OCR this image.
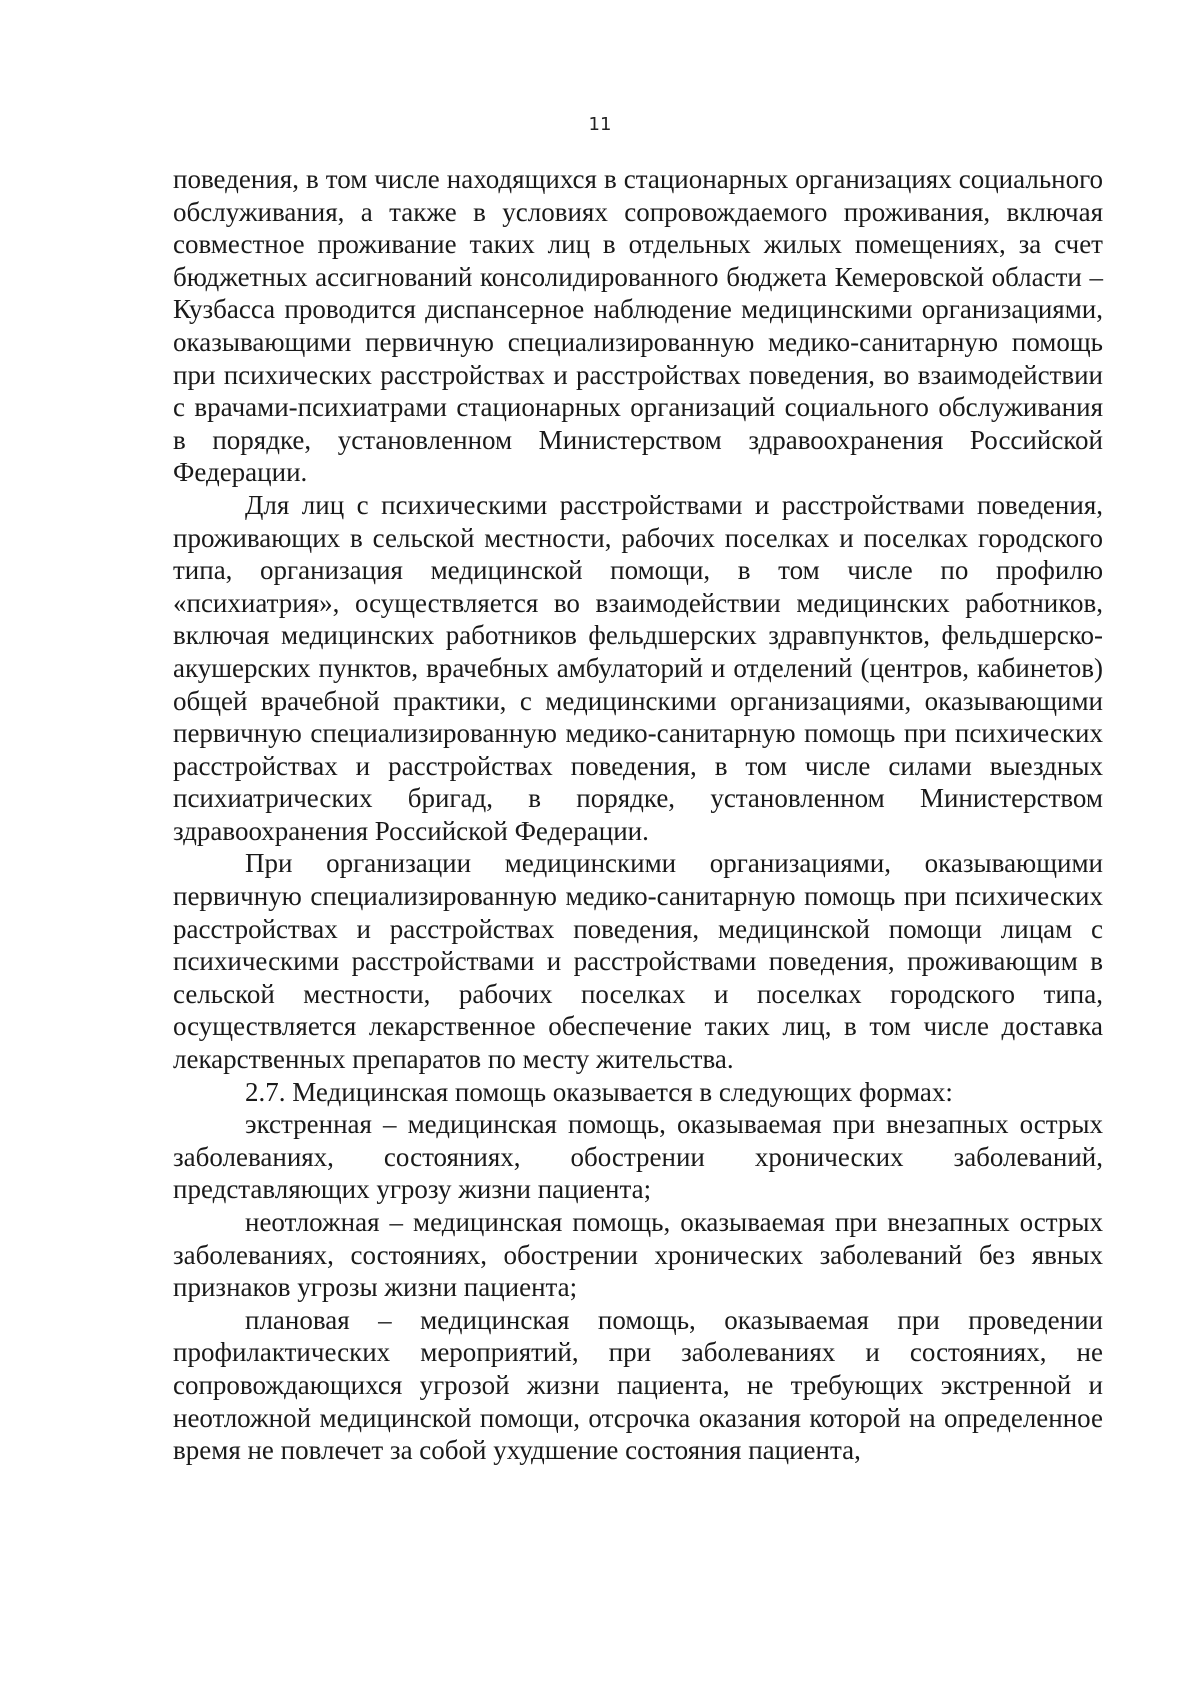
11

поведения, в том числе находящихся в стационарных организациях социального обслуживания, а также в условиях сопровождаемого проживания, включая совместное проживание таких лиц в отдельных жилых помещениях, за счет бюджетных ассигнований консолидированного бюджета Кемеровской области – Кузбасса проводится диспансерное наблюдение медицинскими организациями, оказывающими первичную специализированную медико-санитарную помощь при психических расстройствах и расстройствах поведения, во взаимодействии с врачами-психиатрами стационарных организаций социального обслуживания в порядке, установленном Министерством здравоохранения Российской Федерации.

Для лиц с психическими расстройствами и расстройствами поведения, проживающих в сельской местности, рабочих поселках и поселках городского типа, организация медицинской помощи, в том числе по профилю «психиатрия», осуществляется во взаимодействии медицинских работников, включая медицинских работников фельдшерских здравпунктов, фельдшерско-акушерских пунктов, врачебных амбулаторий и отделений (центров, кабинетов) общей врачебной практики, с медицинскими организациями, оказывающими первичную специализированную медико-санитарную помощь при психических расстройствах и расстройствах поведения, в том числе силами выездных психиатрических бригад, в порядке, установленном Министерством здравоохранения Российской Федерации.

При организации медицинскими организациями, оказывающими первичную специализированную медико-санитарную помощь при психических расстройствах и расстройствах поведения, медицинской помощи лицам с психическими расстройствами и расстройствами поведения, проживающим в сельской местности, рабочих поселках и поселках городского типа, осуществляется лекарственное обеспечение таких лиц, в том числе доставка лекарственных препаратов по месту жительства.

2.7. Медицинская помощь оказывается в следующих формах:

экстренная – медицинская помощь, оказываемая при внезапных острых заболеваниях, состояниях, обострении хронических заболеваний, представляющих угрозу жизни пациента;

неотложная – медицинская помощь, оказываемая при внезапных острых заболеваниях, состояниях, обострении хронических заболеваний без явных признаков угрозы жизни пациента;

плановая – медицинская помощь, оказываемая при проведении профилактических мероприятий, при заболеваниях и состояниях, не сопровождающихся угрозой жизни пациента, не требующих экстренной и неотложной медицинской помощи, отсрочка оказания которой на определенное время не повлечет за собой ухудшение состояния пациента,
